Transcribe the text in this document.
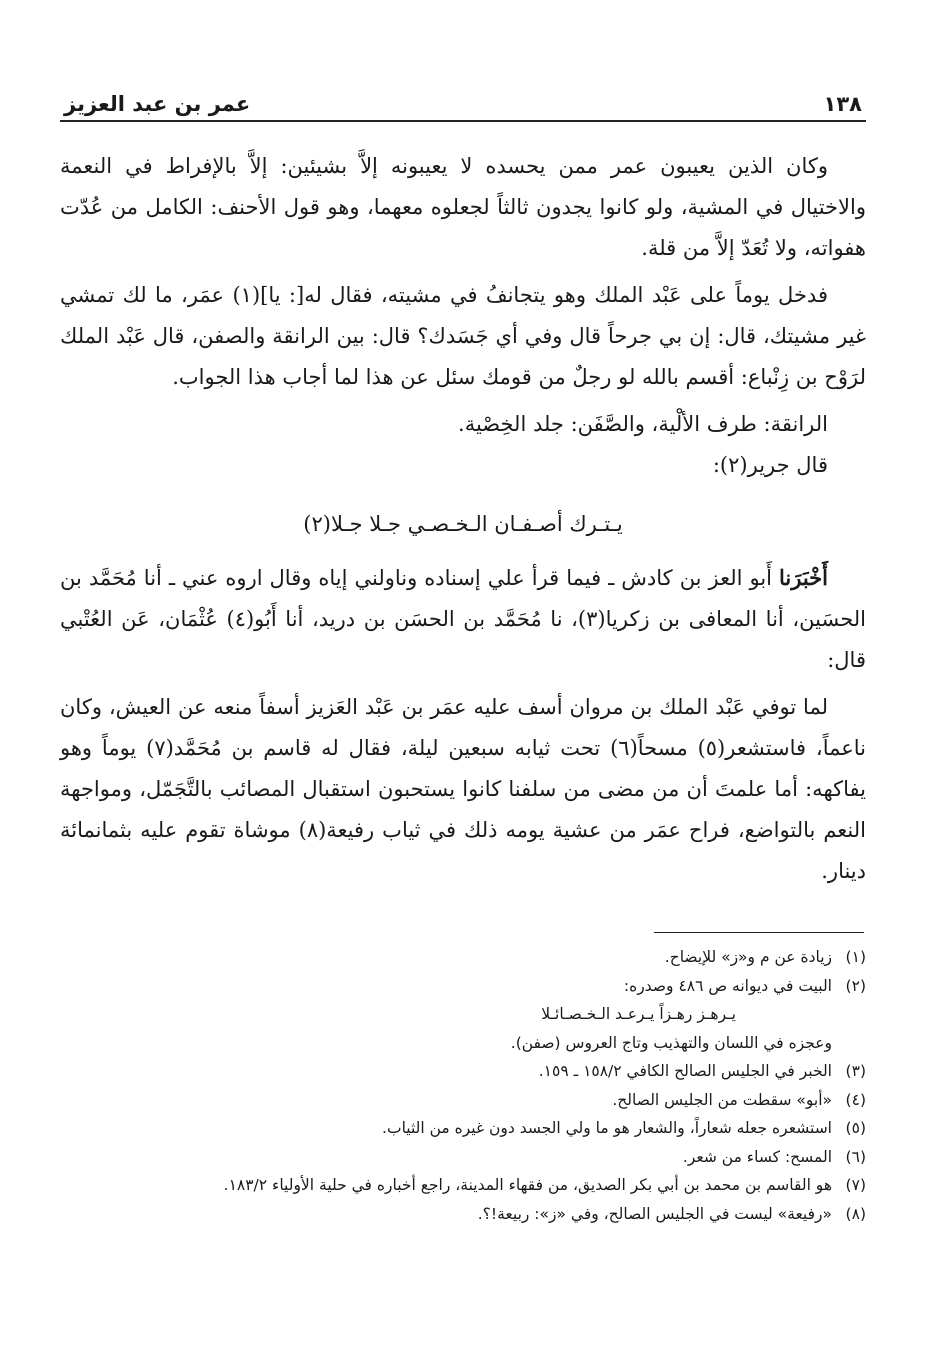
١٣٨
عمر بن عبد العزيز

وكان الذين يعيبون عمر ممن يحسده لا يعيبونه إلاَّ بشيئين: إلاَّ بالإفراط في النعمة والاختيال في المشية، ولو كانوا يجدون ثالثاً لجعلوه معهما، وهو قول الأحنف: الكامل من عُدّت هفواته، ولا تُعَدّ إلاَّ من قلة.

فدخل يوماً على عَبْد الملك وهو يتجانفُ في مشيته، فقال له[: يا](١) عمَر، ما لك تمشي غير مشيتك، قال: إن بي جرحاً قال وفي أي جَسَدك؟ قال: بين الرانقة والصفن، قال عَبْد الملك لرَوْح بن زِنْباع: أقسم بالله لو رجلٌ من قومك سئل عن هذا لما أجاب هذا الجواب.

الرانقة: طرف الألْية، والصَّفَن: جلد الخِصْية.

قال جرير(٢):

يـتـرك أصـفـان الـخـصـي جـلا جـلا(٢)

أَخْبَرَنا أَبو العز بن كادش ـ فيما قرأ علي إسناده وناولني إياه وقال اروه عني ـ أنا مُحَمَّد بن الحسَين، أنا المعافى بن زكريا(٣)، نا مُحَمَّد بن الحسَن بن دريد، أنا أَبُو(٤) عُثْمَان، عَن العُتْبي قال:

لما توفي عَبْد الملك بن مروان أسف عليه عمَر بن عَبْد العَزيز أسفاً منعه عن العيش، وكان ناعماً، فاستشعر(٥) مسحاً(٦) تحت ثيابه سبعين ليلة، فقال له قاسم بن مُحَمَّد(٧) يوماً وهو يفاكهه: أما علمتَ أن من مضى من سلفنا كانوا يستحبون استقبال المصائب بالتَّجَمّل، ومواجهة النعم بالتواضع، فراح عمَر من عشية يومه ذلك في ثياب رفيعة(٨) موشاة تقوم عليه بثمانمائة دينار.

(١)
زيادة عن م و«ز» للإيضاح.
(٢)
البيت في ديوانه ص ٤٨٦ وصدره:
يـرهـز رهـزاً يـرعـد الـخـصـائـلا
وعجزه في اللسان والتهذيب وتاج العروس (صفن).
(٣)
الخبر في الجليس الصالح الكافي ١٥٨/٢ ـ ١٥٩.
(٤)
«أبو» سقطت من الجليس الصالح.
(٥)
استشعره جعله شعاراً، والشعار هو ما ولي الجسد دون غيره من الثياب.
(٦)
المسح: كساء من شعر.
(٧)
هو القاسم بن محمد بن أبي بكر الصديق، من فقهاء المدينة، راجع أخباره في حلية الأولياء ١٨٣/٢.
(٨)
«رفيعة» ليست في الجليس الصالح، وفي «ز»: ربيعة!؟.
